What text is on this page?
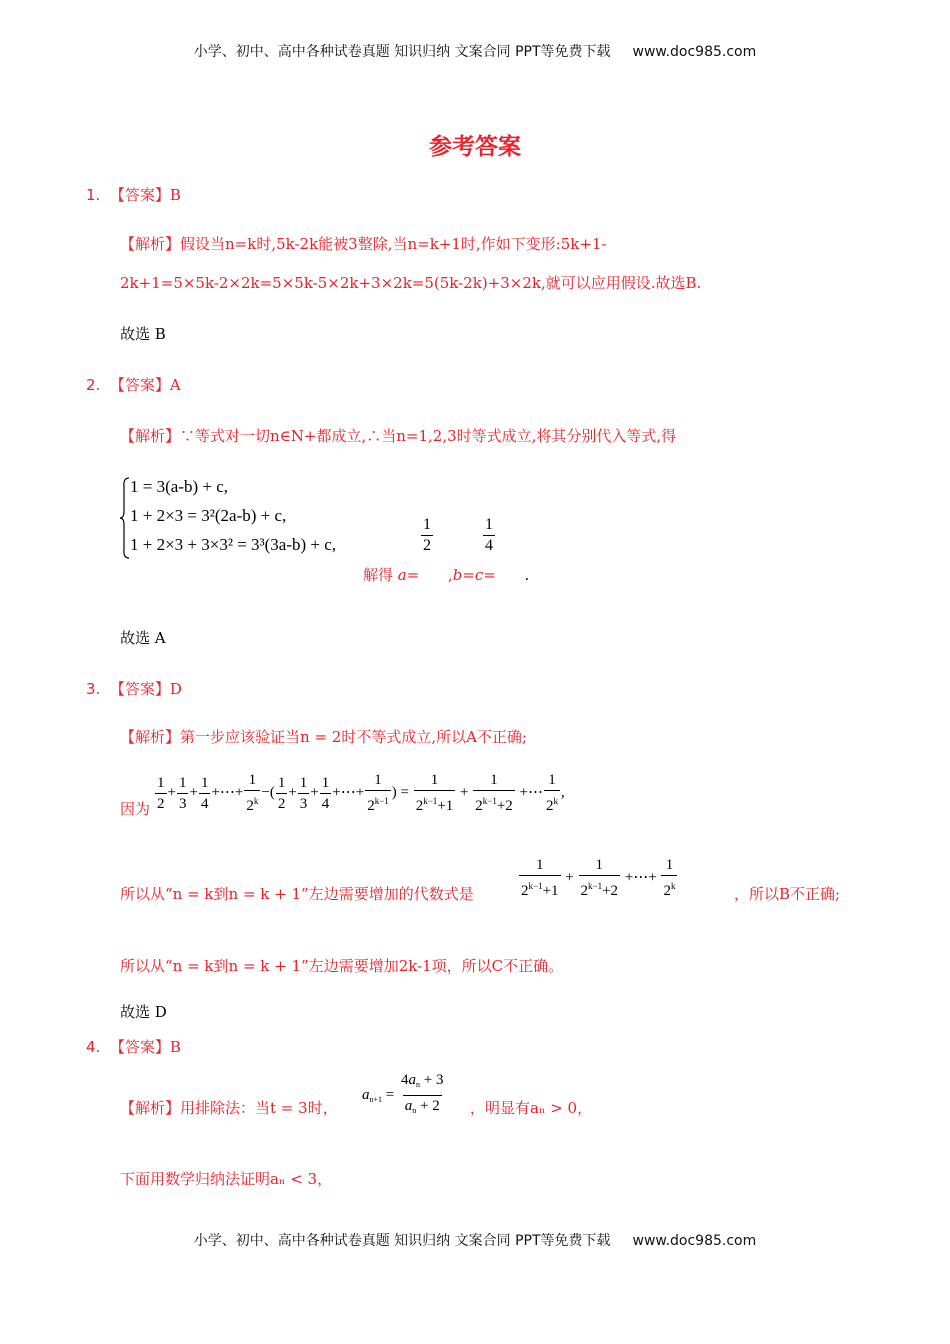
小学、初中、高中各种试卷真题 知识归纳 文案合同 PPT等免费下载 www.doc985.com
参考答案
1. 【答案】B
【解析】假设当n=k时,5k-2k能被3整除,当n=k+1时,作如下变形:5k+1-
2k+1=5×5k-2×2k=5×5k-5×2k+3×2k=5(5k-2k)+3×2k,就可以应用假设.故选B.
故选 B
2. 【答案】A
【解析】∵等式对一切n∈N+都成立,∴当n=1,2,3时等式成立,将其分别代入等式,得
1 = 3(a-b) + c,
1 + 2×3 = 3²(2a-b) + c,
1 + 2×3 + 3×3² = 3³(3a-b) + c,	$\frac{1}{2}$	$\frac{1}{4}$
解得 a=      ,b=c=      .
故选 A
3. 【答案】D
【解析】第一步应该验证当n = 2时不等式成立,所以A不正确;
因为 $\frac{1}{2} + \frac{1}{3} + \frac{1}{4}$ +⋯+ $\frac{1}{2^k}$ −( $\frac{1}{2} + \frac{1}{3} + \frac{1}{4}$ +⋯+ $\frac{1}{2^{k-1}}$ ) = $\frac{1}{2^{k-1}+1} + \frac{1}{2^{k-1}+2}$ +⋯ $\frac{1}{2^k}$ ,
所以从“n = k到n = k + 1”左边需要增加的代数式是	$\frac{1}{2^{k-1}+1} + \frac{1}{2^{k-1}+2}$ +⋯+ $\frac{1}{2^k}$	，所以B不正确;
所以从“n = k到n = k + 1”左边需要增加2k-1项，所以C不正确。
故选 D
4. 【答案】B
【解析】用排除法：当t = 3时，
$a_{n+1} = \frac{4a_n + 3}{a_n + 2}$ ，明显有aₙ > 0，
下面用数学归纳法证明aₙ < 3，
小学、初中、高中各种试卷真题 知识归纳 文案合同 PPT等免费下载 www.doc985.com
